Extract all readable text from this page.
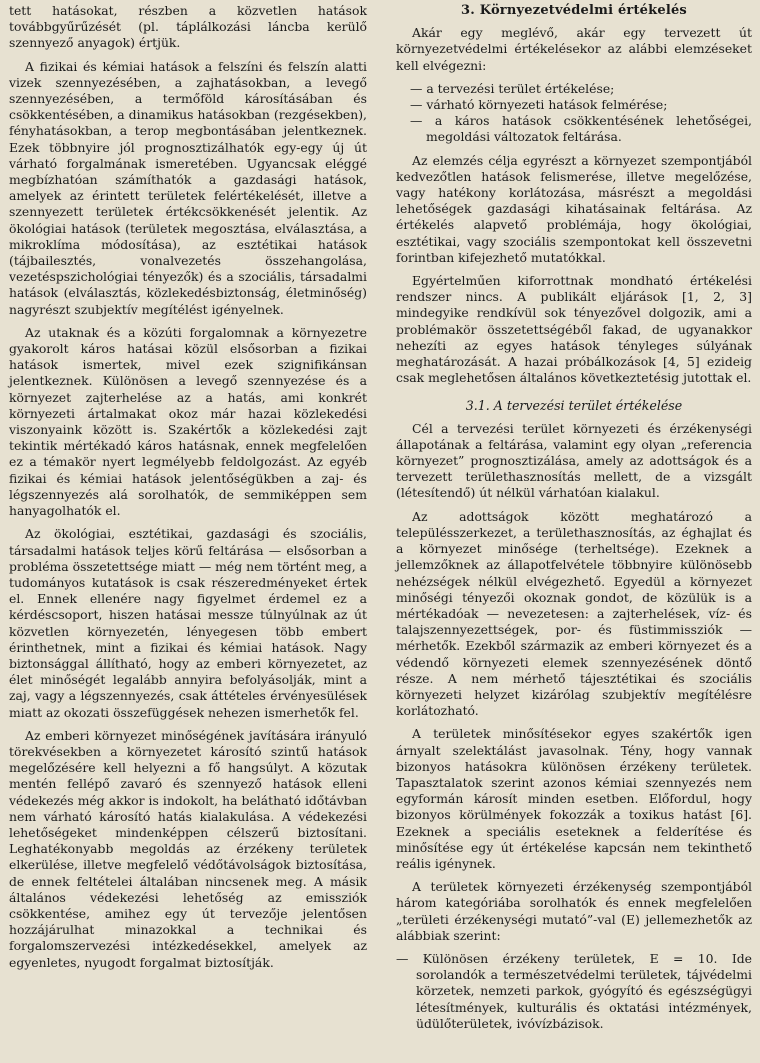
tett hatásokat, részben a közvetlen hatások továbbgyűrűzését (pl. táplálkozási láncba kerülő szennyező anyagok) értjük.

A fizikai és kémiai hatások a felszíni és felszín alatti vizek szennyezésében, a zajhatásokban, a levegő szennyezésében, a termőföld károsításában és csökkentésében, a dinamikus hatásokban (rezgésekben), fényhatásokban, a terop megbontásában jelentkeznek. Ezek többnyire jól prognosztizálhatók egy-egy új út várható forgalmának ismeretében. Ugyancsak eléggé megbízhatóan számíthatók a gazdasági hatások, amelyek az érintett területek felértékelését, illetve a szennyezett területek értékcsökkenését jelentik. Az ökológiai hatások (területek megosztása, elválasztása, a mikroklíma módosítása), az esztétikai hatások (tájbailesztés, vonalvezetés összehangolása, vezetéspszichológiai tényezők) és a szociális, társadalmi hatások (elválasztás, közlekedésbiztonság, életminőség) nagyrészt szubjektív megítélést igényelnek.

Az utaknak és a közúti forgalomnak a környezetre gyakorolt káros hatásai közül elsősorban a fizikai hatások ismertek, mivel ezek szignifikánsan jelentkeznek. Különösen a levegő szennyezése és a környezet zajterhelése az a hatás, ami konkrét környezeti ártalmakat okoz már hazai közlekedési viszonyaink között is. Szakértők a közlekedési zajt tekintik mértékadó káros hatásnak, ennek megfelelően ez a témakör nyert legmélyebb feldolgozást. Az egyéb fizikai és kémiai hatások jelentőségükben a zaj- és légszennyezés alá sorolhatók, de semmiképpen sem hanyagolhatók el.

Az ökológiai, esztétikai, gazdasági és szociális, társadalmi hatások teljes körű feltárása — elsősorban a probléma összetettsége miatt — még nem történt meg, a tudományos kutatások is csak részeredményeket értek el. Ennek ellenére nagy figyelmet érdemel ez a kérdéscsoport, hiszen hatásai messze túlnyúlnak az út közvetlen környezetén, lényegesen több embert érinthetnek, mint a fizikai és kémiai hatások. Nagy biztonsággal állítható, hogy az emberi környezetet, az élet minőségét legalább annyira befolyásolják, mint a zaj, vagy a légszennyezés, csak áttételes érvényesülések miatt az okozati összefüggések nehezen ismerhetők fel.

Az emberi környezet minőségének javítására irányuló törekvésekben a környezetet károsító szintű hatások megelőzésére kell helyezni a fő hangsúlyt. A közutak mentén fellépő zavaró és szennyező hatások elleni védekezés még akkor is indokolt, ha belátható időtávban nem várható károsító hatás kialakulása. A védekezési lehetőségeket mindenképpen célszerű biztosítani. Leghatékonyabb megoldás az érzékeny területek elkerülése, illetve megfelelő védőtávolságok biztosítása, de ennek feltételei általában nincsenek meg. A másik általános védekezési lehetőség az emissziók csökkentése, amihez egy út tervezője jelentősen hozzájárulhat minazokkal a technikai és forgalomszervezési intézkedésekkel, amelyek az egyenletes, nyugodt forgalmat biztosítják.

3. Környezetvédelmi értékelés

Akár egy meglévő, akár egy tervezett út környezetvédelmi értékelésekor az alábbi elemzéseket kell elvégezni:

— a tervezési terület értékelése;
— várható környezeti hatások felmérése;
— a káros hatások csökkentésének lehetőségei, megoldási változatok feltárása.

Az elemzés célja egyrészt a környezet szempontjából kedvezőtlen hatások felismerése, illetve megelőzése, vagy hatékony korlátozása, másrészt a megoldási lehetőségek gazdasági kihatásainak feltárása. Az értékelés alapvető problémája, hogy ökológiai, esztétikai, vagy szociális szempontokat kell összevetni forintban kifejezhető mutatókkal.

Egyértelműen kiforrottnak mondható értékelési rendszer nincs. A publikált eljárások [1, 2, 3] mindegyike rendkívül sok tényezővel dolgozik, ami a problémakör összetettségéből fakad, de ugyanakkor nehezíti az egyes hatások tényleges súlyának meghatározását. A hazai próbálkozások [4, 5] ezideig csak meglehetősen általános következtetésig jutottak el.

3.1. A tervezési terület értékelése

Cél a tervezési terület környezeti és érzékenységi állapotának a feltárása, valamint egy olyan „referencia környezet” prognosztizálása, amely az adottságok és a tervezett területhasznosítás mellett, de a vizsgált (létesítendő) út nélkül várhatóan kialakul.

Az adottságok között meghatározó a településszerkezet, a területhasznosítás, az éghajlat és a környezet minősége (terheltsége). Ezeknek a jellemzőknek az állapotfelvétele többnyire különösebb nehézségek nélkül elvégezhető. Egyedül a környezet minőségi tényezői okoznak gondot, de közülük is a mértékadóak — nevezetesen: a zajterhelések, víz- és talajszennyezettségek, por- és füstimmissziók — mérhetők. Ezekből származik az emberi környezet és a védendő környezeti elemek szennyezésének döntő része. A nem mérhető tájesztétikai és szociális környezeti helyzet kizárólag szubjektív megítélésre korlátozható.

A területek minősítésekor egyes szakértők igen árnyalt szelektálást javasolnak. Tény, hogy vannak bizonyos hatásokra különösen érzékeny területek. Tapasztalatok szerint azonos kémiai szennyezés nem egyformán károsít minden esetben. Előfordul, hogy bizonyos körülmények fokozzák a toxikus hatást [6]. Ezeknek a speciális eseteknek a felderítése és minősítése egy út értékelése kapcsán nem tekinthető reális igénynek.

A területek környezeti érzékenység szempontjából három kategóriába sorolhatók és ennek megfelelően „területi érzékenységi mutató”-val (E) jellemezhetők az alábbiak szerint:

— Különösen érzékeny területek, E = 10. Ide sorolandók a természetvédelmi területek, tájvédelmi körzetek, nemzeti parkok, gyógyító és egészségügyi létesítmények, kulturális és oktatási intézmények, üdülőterületek, ivóvízbázisok.
